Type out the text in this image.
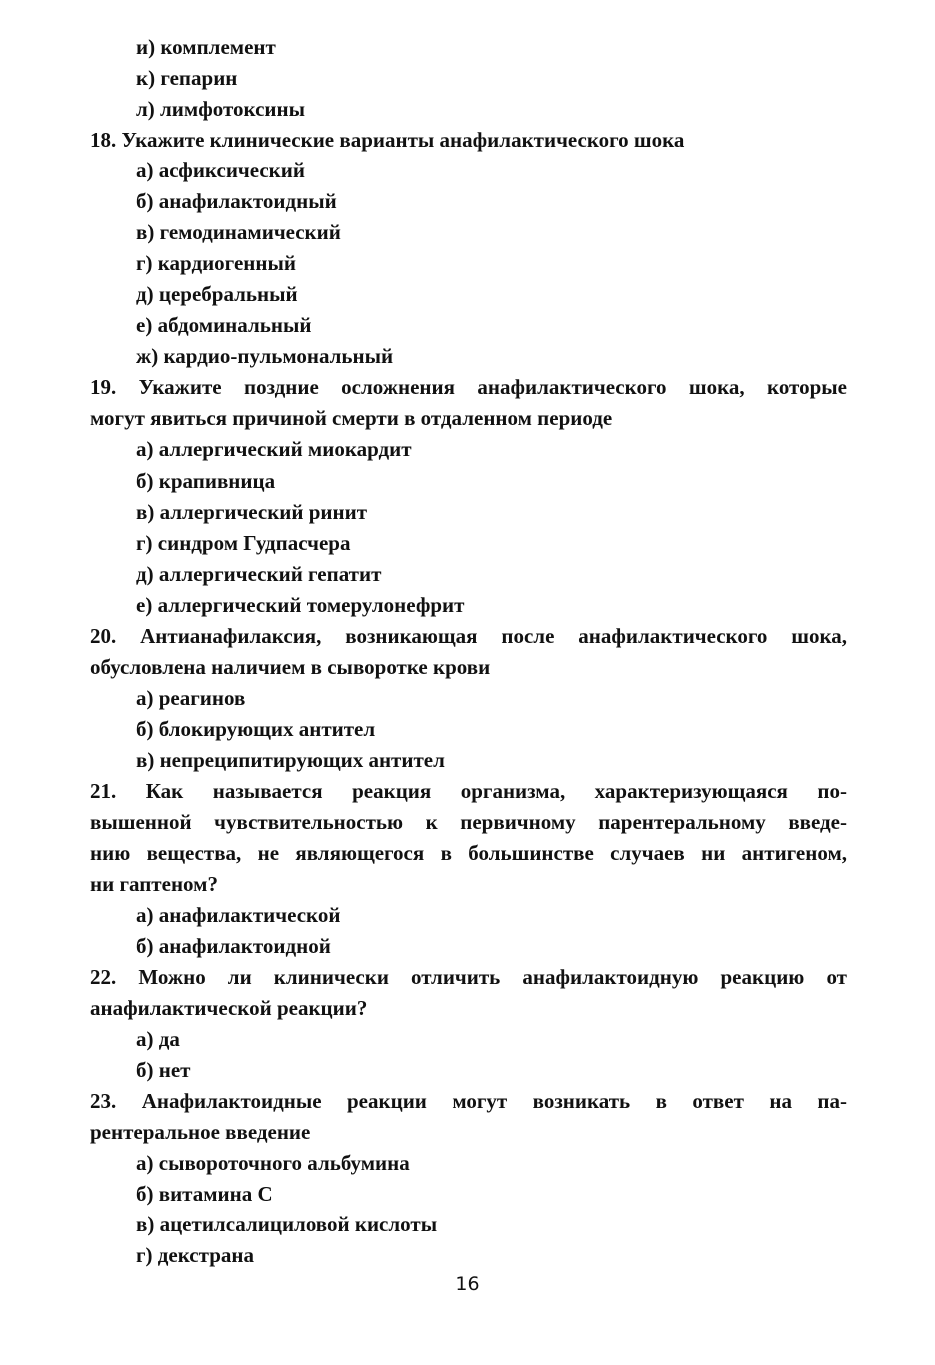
и) комплемент
к) гепарин
л) лимфотоксины
18. Укажите клинические варианты анафилактического шока
а) асфиксический
б) анафилактоидный
в) гемодинамический
г) кардиогенный
д) церебральный
е) абдоминальный
ж) кардио-пульмональный
19. Укажите поздние осложнения анафилактического шока, которые
могут явиться причиной смерти в отдаленном периоде
а) аллергический миокардит
б) крапивница
в) аллергический ринит
г) синдром Гудпасчера
д) аллергический гепатит
е) аллергический томерулонефрит
20. Антианафилаксия, возникающая после анафилактического шока,
обусловлена наличием в сыворотке крови
а) реагинов
б) блокирующих антител
в) непреципитирующих антител
21. Как называется реакция организма, характеризующаяся по-
вышенной чувствительностью к первичному парентеральному введе-
нию вещества, не являющегося в большинстве случаев ни антигеном,
ни гаптеном?
а) анафилактической
б) анафилактоидной
22. Можно ли клинически отличить анафилактоидную реакцию от
анафилактической реакции?
а) да
б) нет
23. Анафилактоидные реакции могут возникать в ответ на па-
рентеральное введение
а) сывороточного альбумина
б) витамина С
в) ацетилсалициловой кислоты
г) декстрана
16
